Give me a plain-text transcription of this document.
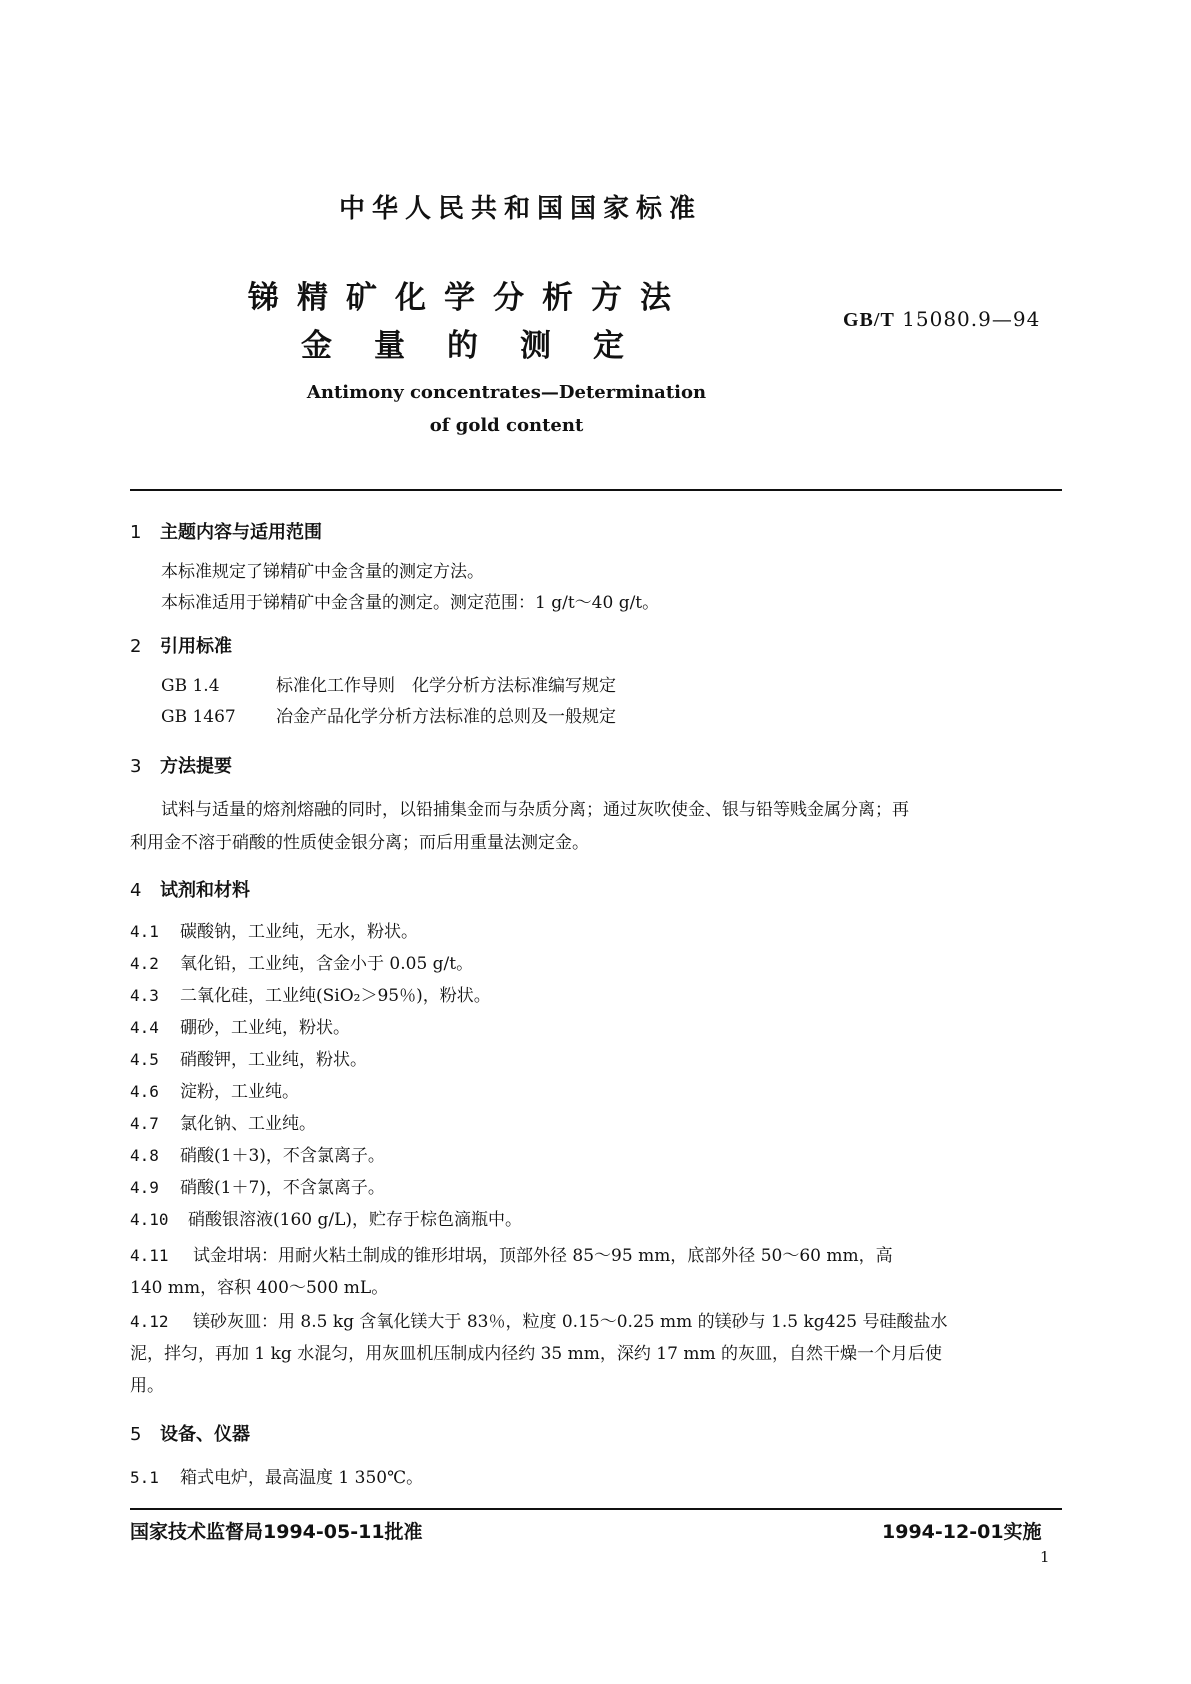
中华人民共和国国家标准
锑精矿化学分析方法
金量的测定
GB/T 15080.9—94
Antimony concentrates—Determination
of gold content
1 主题内容与适用范围
本标准规定了锑精矿中金含量的测定方法。
本标准适用于锑精矿中金含量的测定。测定范围：1 g/t～40 g/t。
2 引用标准
GB 1.4	标准化工作导则　化学分析方法标准编写规定
GB 1467 冶金产品化学分析方法标准的总则及一般规定
3 方法提要
试料与适量的熔剂熔融的同时，以铅捕集金而与杂质分离；通过灰吹使金、银与铅等贱金属分离；再
利用金不溶于硝酸的性质使金银分离；而后用重量法测定金。
4 试剂和材料
4.1 碳酸钠，工业纯，无水，粉状。
4.2 氧化铅，工业纯，含金小于 0.05 g/t。
4.3 二氧化硅，工业纯(SiO₂＞95％)，粉状。
4.4 硼砂，工业纯，粉状。
4.5 硝酸钾，工业纯，粉状。
4.6 淀粉，工业纯。
4.7 氯化钠、工业纯。
4.8 硝酸(1＋3)，不含氯离子。
4.9 硝酸(1＋7)，不含氯离子。
4.10 硝酸银溶液(160 g/L)，贮存于棕色滴瓶中。
4.11 试金坩埚：用耐火粘土制成的锥形坩埚，顶部外径 85～95 mm，底部外径 50～60 mm，高
140 mm，容积 400～500 mL。
4.12 镁砂灰皿：用 8.5 kg 含氧化镁大于 83％，粒度 0.15～0.25 mm 的镁砂与 1.5 kg425 号硅酸盐水
泥，拌匀，再加 1 kg 水混匀，用灰皿机压制成内径约 35 mm，深约 17 mm 的灰皿，自然干燥一个月后使
用。
5 设备、仪器
5.1 箱式电炉，最高温度 1 350℃。
国家技术监督局1994-05-11批准	1994-12-01实施
1
